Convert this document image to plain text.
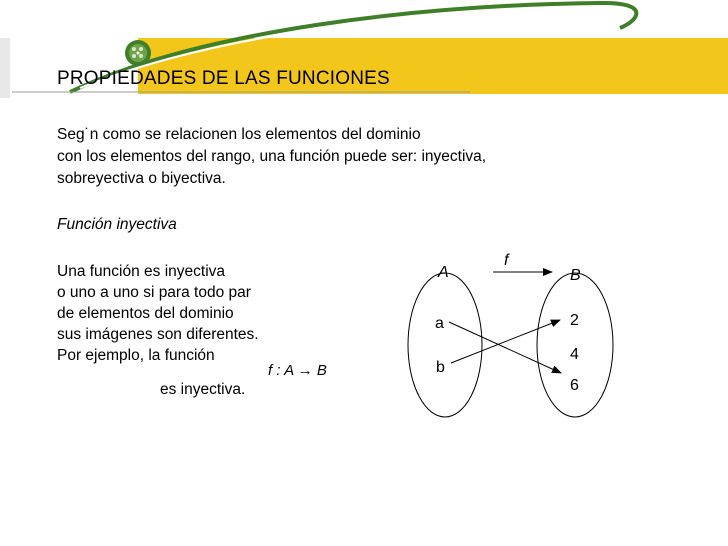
PROPIEDADES DE LAS FUNCIONES
Seg˙n como se relacionen los elementos del dominio
con los elementos del rango, una función puede ser: inyectiva,
sobreyectiva o biyectiva.
Función inyectiva
Una función es inyectiva
o uno a uno si para todo par
de elementos del dominio
sus imágenes son diferentes.
Por ejemplo, la función
f : A → B
es inyectiva.
f
A	B
a
b
2
4
6
